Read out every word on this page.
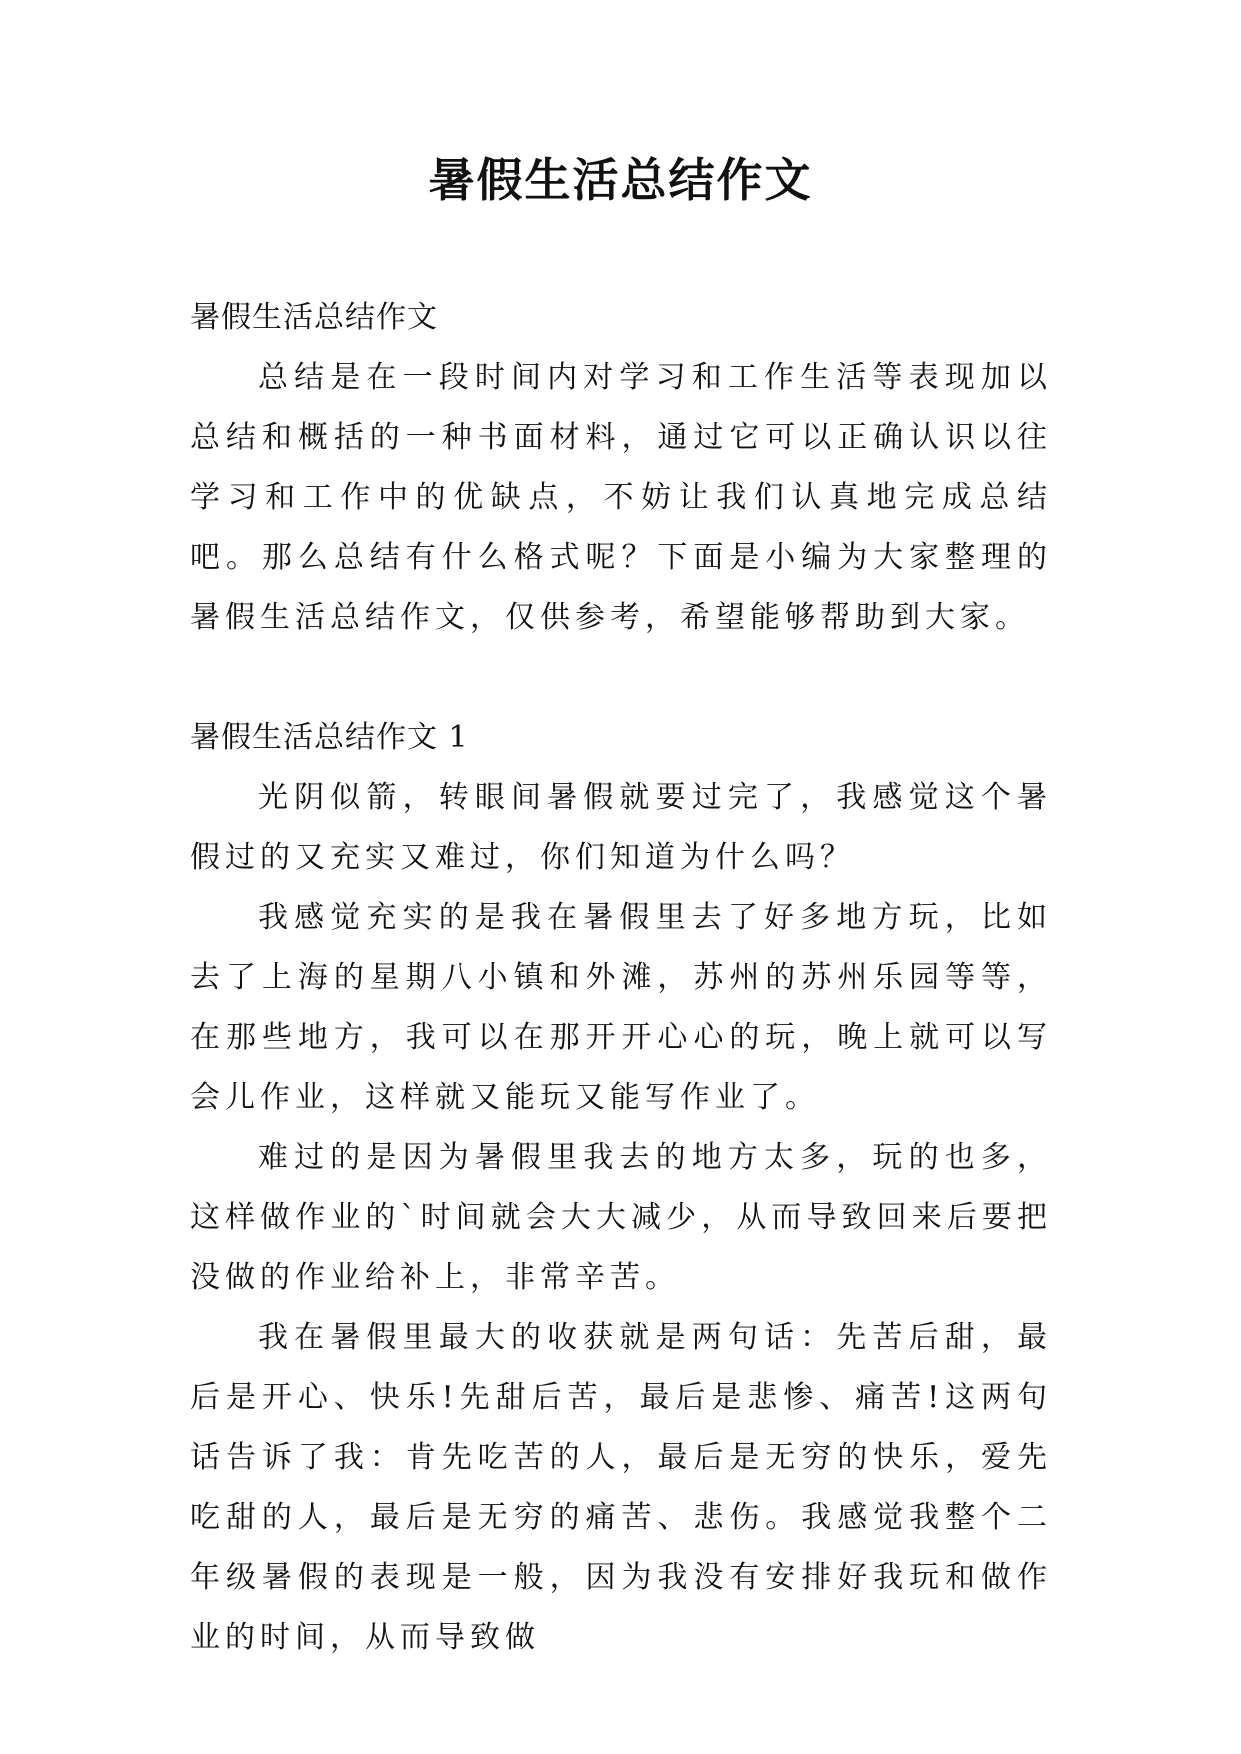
暑假生活总结作文

暑假生活总结作文

总结是在一段时间内对学习和工作生活等表现加以总结和概括的一种书面材料，通过它可以正确认识以往学习和工作中的优缺点，不妨让我们认真地完成总结吧。那么总结有什么格式呢？下面是小编为大家整理的暑假生活总结作文，仅供参考，希望能够帮助到大家。

暑假生活总结作文 1

光阴似箭，转眼间暑假就要过完了，我感觉这个暑假过的又充实又难过，你们知道为什么吗？

我感觉充实的是我在暑假里去了好多地方玩，比如去了上海的星期八小镇和外滩，苏州的苏州乐园等等，在那些地方，我可以在那开开心心的玩，晚上就可以写会儿作业，这样就又能玩又能写作业了。

难过的是因为暑假里我去的地方太多，玩的也多，这样做作业的`时间就会大大减少，从而导致回来后要把没做的作业给补上，非常辛苦。

我在暑假里最大的收获就是两句话：先苦后甜，最后是开心、快乐!先甜后苦，最后是悲惨、痛苦!这两句话告诉了我：肯先吃苦的人，最后是无穷的快乐，爱先吃甜的人，最后是无穷的痛苦、悲伤。我感觉我整个二年级暑假的表现是一般，因为我没有安排好我玩和做作业的时间，从而导致做
